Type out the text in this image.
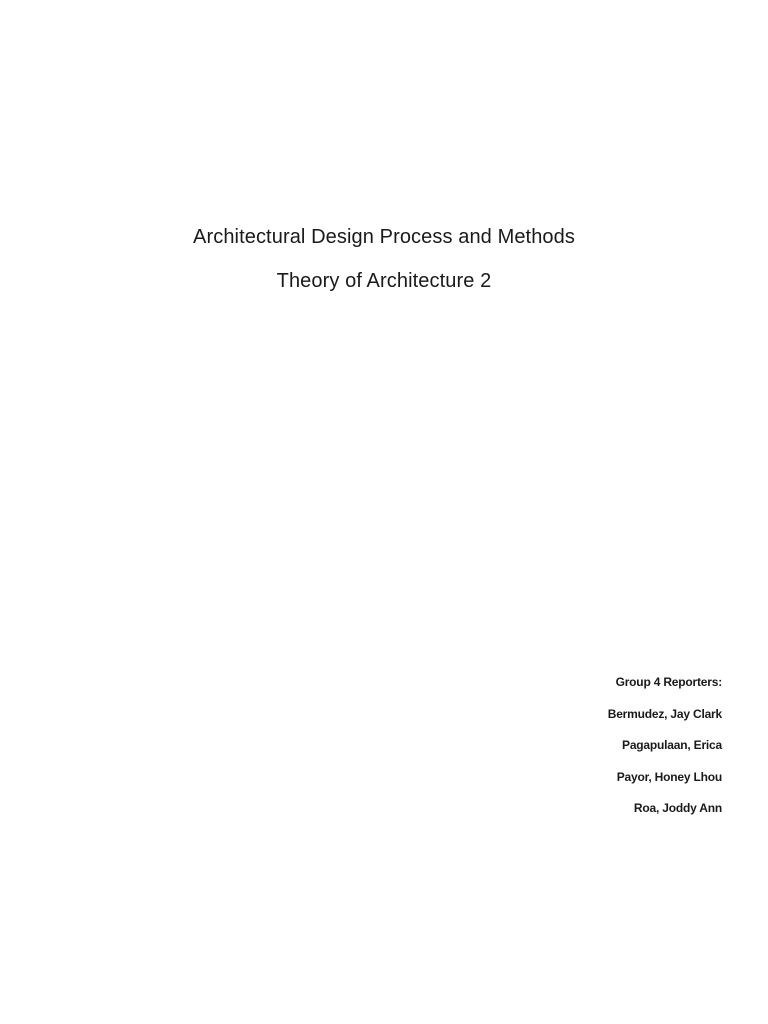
Architectural Design Process and Methods
Theory of Architecture 2
Group 4 Reporters:
Bermudez, Jay Clark
Pagapulaan, Erica
Payor, Honey Lhou
Roa, Joddy Ann
